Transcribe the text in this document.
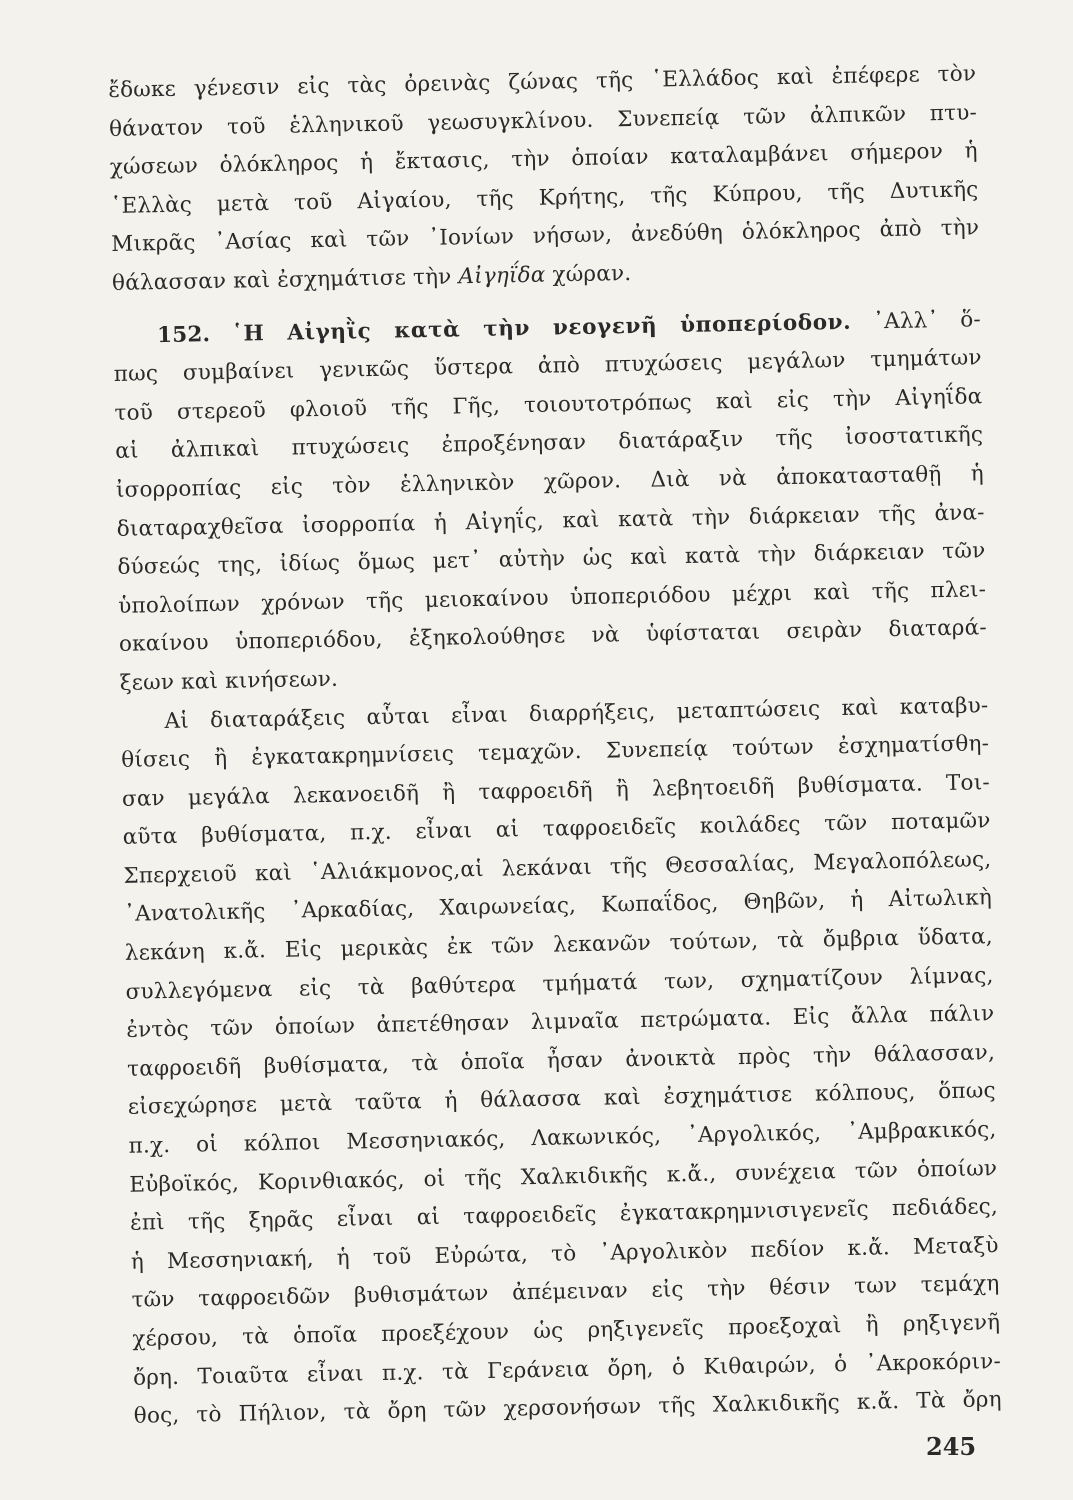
ἔδωκε γένεσιν εἰς τὰς ὀρεινὰς ζώνας τῆς ῾Ελλάδος καὶ ἐπέφερε τὸν
θάνατον τοῦ ἑλληνικοῦ γεωσυγκλίνου. Συνεπείᾳ τῶν ἀλπικῶν πτυ-
χώσεων ὁλόκληρος ἡ ἔκτασις, τὴν ὁποίαν καταλαμβάνει σήμερον ἡ
῾Ελλὰς μετὰ τοῦ Αἰγαίου, τῆς Κρήτης, τῆς Κύπρου, τῆς Δυτικῆς
Μικρᾶς ᾿Ασίας καὶ τῶν ᾿Ιονίων νήσων, ἀνεδύθη ὁλόκληρος ἀπὸ τὴν
θάλασσαν καὶ ἐσχημάτισε τὴν Αἰγηΐδα χώραν.
152. ῾Η Αἰγηῒς κατὰ τὴν νεογενῆ ὑποπερίοδον. ᾿Αλλ᾿ ὅ-
πως συμβαίνει γενικῶς ὕστερα ἀπὸ πτυχώσεις μεγάλων τμημάτων
τοῦ στερεοῦ φλοιοῦ τῆς Γῆς, τοιουτοτρόπως καὶ εἰς τὴν Αἰγηΐδα
αἱ ἀλπικαὶ πτυχώσεις ἐπροξένησαν διατάραξιν τῆς ἰσοστατικῆς
ἰσορροπίας εἰς τὸν ἑλληνικὸν χῶρον. Διὰ νὰ ἀποκατασταθῇ ἡ
διαταραχθεῖσα ἰσορροπία ἡ Αἰγηΐς, καὶ κατὰ τὴν διάρκειαν τῆς ἀνα-
δύσεώς της, ἰδίως ὅμως μετ᾿ αὐτὴν ὡς καὶ κατὰ τὴν διάρκειαν τῶν
ὑπολοίπων χρόνων τῆς μειοκαίνου ὑποπεριόδου μέχρι καὶ τῆς πλει-
οκαίνου ὑποπεριόδου, ἐξηκολούθησε νὰ ὑφίσταται σειρὰν διαταρά-
ξεων καὶ κινήσεων.
Αἱ διαταράξεις αὗται εἶναι διαρρήξεις, μεταπτώσεις καὶ καταβυ-
θίσεις ἢ ἐγκατακρημνίσεις τεμαχῶν. Συνεπείᾳ τούτων ἐσχηματίσθη-
σαν μεγάλα λεκανοειδῆ ἢ ταφροειδῆ ἢ λεβητοειδῆ βυθίσματα. Τοι-
αῦτα βυθίσματα, π.χ. εἶναι αἱ ταφροειδεῖς κοιλάδες τῶν ποταμῶν
Σπερχειοῦ καὶ ῾Αλιάκμονος,αἱ λεκάναι τῆς Θεσσαλίας, Μεγαλοπόλεως,
᾿Ανατολικῆς ᾿Αρκαδίας, Χαιρωνείας, Κωπαΐδος, Θηβῶν, ἡ Αἰτωλικὴ
λεκάνη κ.ἄ. Εἰς μερικὰς ἐκ τῶν λεκανῶν τούτων, τὰ ὄμβρια ὕδατα,
συλλεγόμενα εἰς τὰ βαθύτερα τμήματά των, σχηματίζουν λίμνας,
ἐντὸς τῶν ὁποίων ἀπετέθησαν λιμναῖα πετρώματα. Εἰς ἄλλα πάλιν
ταφροειδῆ βυθίσματα, τὰ ὁποῖα ἦσαν ἀνοικτὰ πρὸς τὴν θάλασσαν,
εἰσεχώρησε μετὰ ταῦτα ἡ θάλασσα καὶ ἐσχημάτισε κόλπους, ὅπως
π.χ. οἱ κόλποι Μεσσηνιακός, Λακωνικός, ᾿Αργολικός, ᾿Αμβρακικός,
Εὐβοϊκός, Κορινθιακός, οἱ τῆς Χαλκιδικῆς κ.ἄ., συνέχεια τῶν ὁποίων
ἐπὶ τῆς ξηρᾶς εἶναι αἱ ταφροειδεῖς ἐγκατακρημνισιγενεῖς πεδιάδες,
ἡ Μεσσηνιακή, ἡ τοῦ Εὐρώτα, τὸ ᾿Αργολικὸν πεδίον κ.ἄ. Μεταξὺ
τῶν ταφροειδῶν βυθισμάτων ἀπέμειναν εἰς τὴν θέσιν των τεμάχη
χέρσου, τὰ ὁποῖα προεξέχουν ὡς ρηξιγενεῖς προεξοχαὶ ἢ ρηξιγενῆ
ὄρη. Τοιαῦτα εἶναι π.χ. τὰ Γεράνεια ὄρη, ὁ Κιθαιρών, ὁ ᾿Ακροκόριν-
θος, τὸ Πήλιον, τὰ ὄρη τῶν χερσονήσων τῆς Χαλκιδικῆς κ.ἄ. Τὰ ὄρη
245
